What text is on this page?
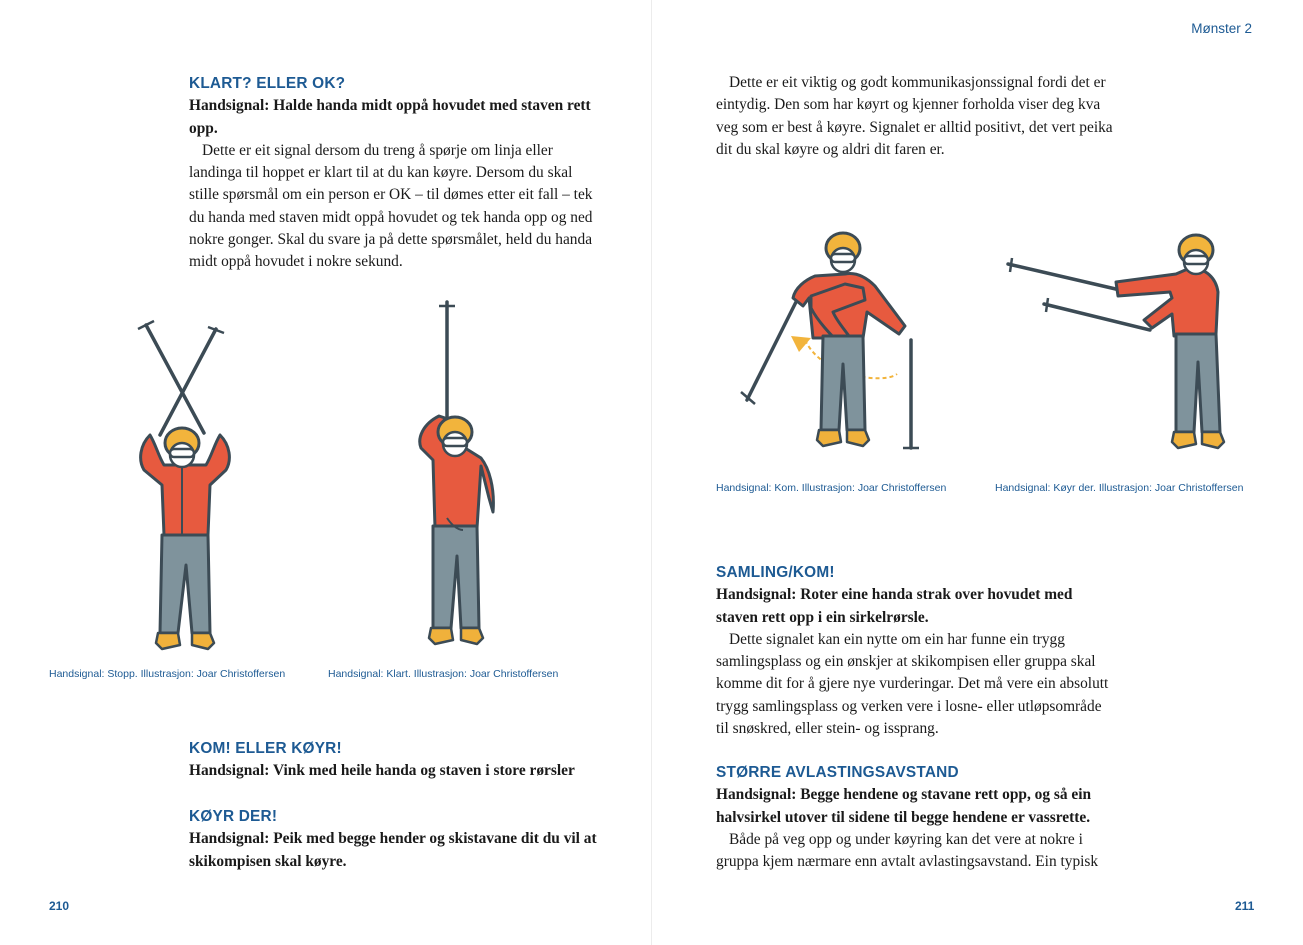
Mønster 2
KLART? ELLER OK?

Handsignal: Halde handa midt oppå hovudet med staven rett opp.

Dette er eit signal dersom du treng å spørje om linja eller landinga til hoppet er klart til at du kan køyre. Dersom du skal stille spørsmål om ein person er OK – til dømes etter eit fall – tek du handa med staven midt oppå hovudet og tek handa opp og ned nokre gonger. Skal du svare ja på dette spørsmålet, held du handa midt oppå hovudet i nokre sekund.

Handsignal: Stopp. Illustrasjon: Joar Christoffersen	Handsignal: Klart. Illustrasjon: Joar Christoffersen
KOM! ELLER KØYR!

Handsignal: Vink med heile handa og staven i store rørsler

KØYR DER!

Handsignal: Peik med begge hender og skistavane dit du vil at skikompisen skal køyre.

210

Dette er eit viktig og godt kommunikasjonssignal fordi det er eintydig. Den som har køyrt og kjenner forholda viser deg kva veg som er best å køyre. Signalet er alltid positivt, det vert peika dit du skal køyre og aldri dit faren er.

Handsignal: Kom. Illustrasjon: Joar Christoffersen	Handsignal: Køyr der. Illustrasjon: Joar Christoffersen
SAMLING/KOM!

Handsignal: Roter eine handa strak over hovudet med staven rett opp i ein sirkelrørsle.

Dette signalet kan ein nytte om ein har funne ein trygg samlingsplass og ein ønskjer at skikompisen eller gruppa skal komme dit for å gjere nye vurderingar. Det må vere ein absolutt trygg samlingsplass og verken vere i losne- eller utløpsområde til snøskred, eller stein- og issprang.

STØRRE AVLASTINGSAVSTAND

Handsignal: Begge hendene og stavane rett opp, og så ein halvsirkel utover til sidene til begge hendene er vassrette.

Både på veg opp og under køyring kan det vere at nokre i gruppa kjem nærmare enn avtalt avlastingsavstand. Ein typisk

211
